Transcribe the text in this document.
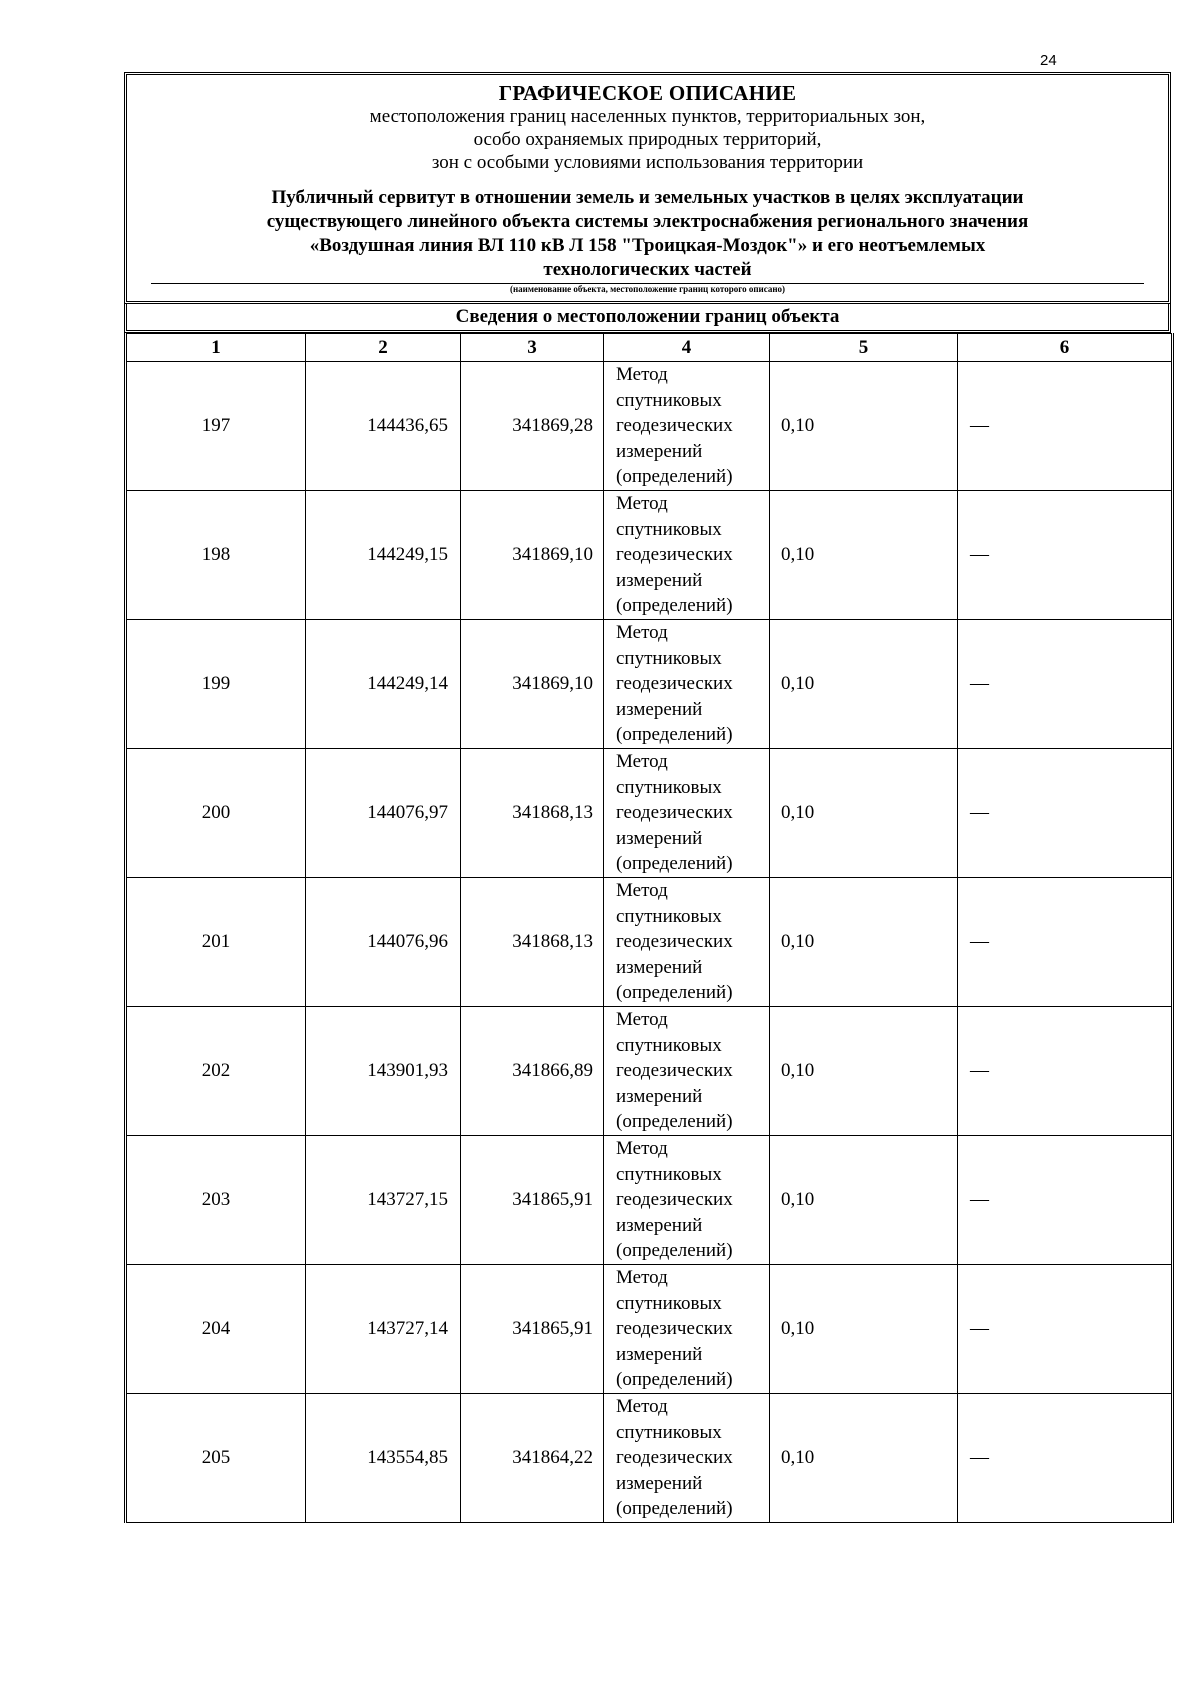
24
ГРАФИЧЕСКОЕ ОПИСАНИЕ
местоположения границ населенных пунктов, территориальных зон,
особо охраняемых природных территорий,
зон с особыми условиями использования территории
Публичный сервитут в отношении земель и земельных участков в целях эксплуатации
существующего линейного объекта системы электроснабжения регионального значения
«Воздушная линия ВЛ 110 кВ Л 158 "Троицкая-Моздок"» и его неотъемлемых
технологических частей
(наименование объекта, местоположение границ которого описано)
Сведения о местоположении границ объекта
1	2	3	4	5	6
197	144436,65	341869,28	Метод
спутниковых
геодезических
измерений
(определений)	0,10	—
198	144249,15	341869,10	Метод
спутниковых
геодезических
измерений
(определений)	0,10	—
199	144249,14	341869,10	Метод
спутниковых
геодезических
измерений
(определений)	0,10	—
200	144076,97	341868,13	Метод
спутниковых
геодезических
измерений
(определений)	0,10	—
201	144076,96	341868,13	Метод
спутниковых
геодезических
измерений
(определений)	0,10	—
202	143901,93	341866,89	Метод
спутниковых
геодезических
измерений
(определений)	0,10	—
203	143727,15	341865,91	Метод
спутниковых
геодезических
измерений
(определений)	0,10	—
204	143727,14	341865,91	Метод
спутниковых
геодезических
измерений
(определений)	0,10	—
205	143554,85	341864,22	Метод
спутниковых
геодезических
измерений
(определений)	0,10	—
